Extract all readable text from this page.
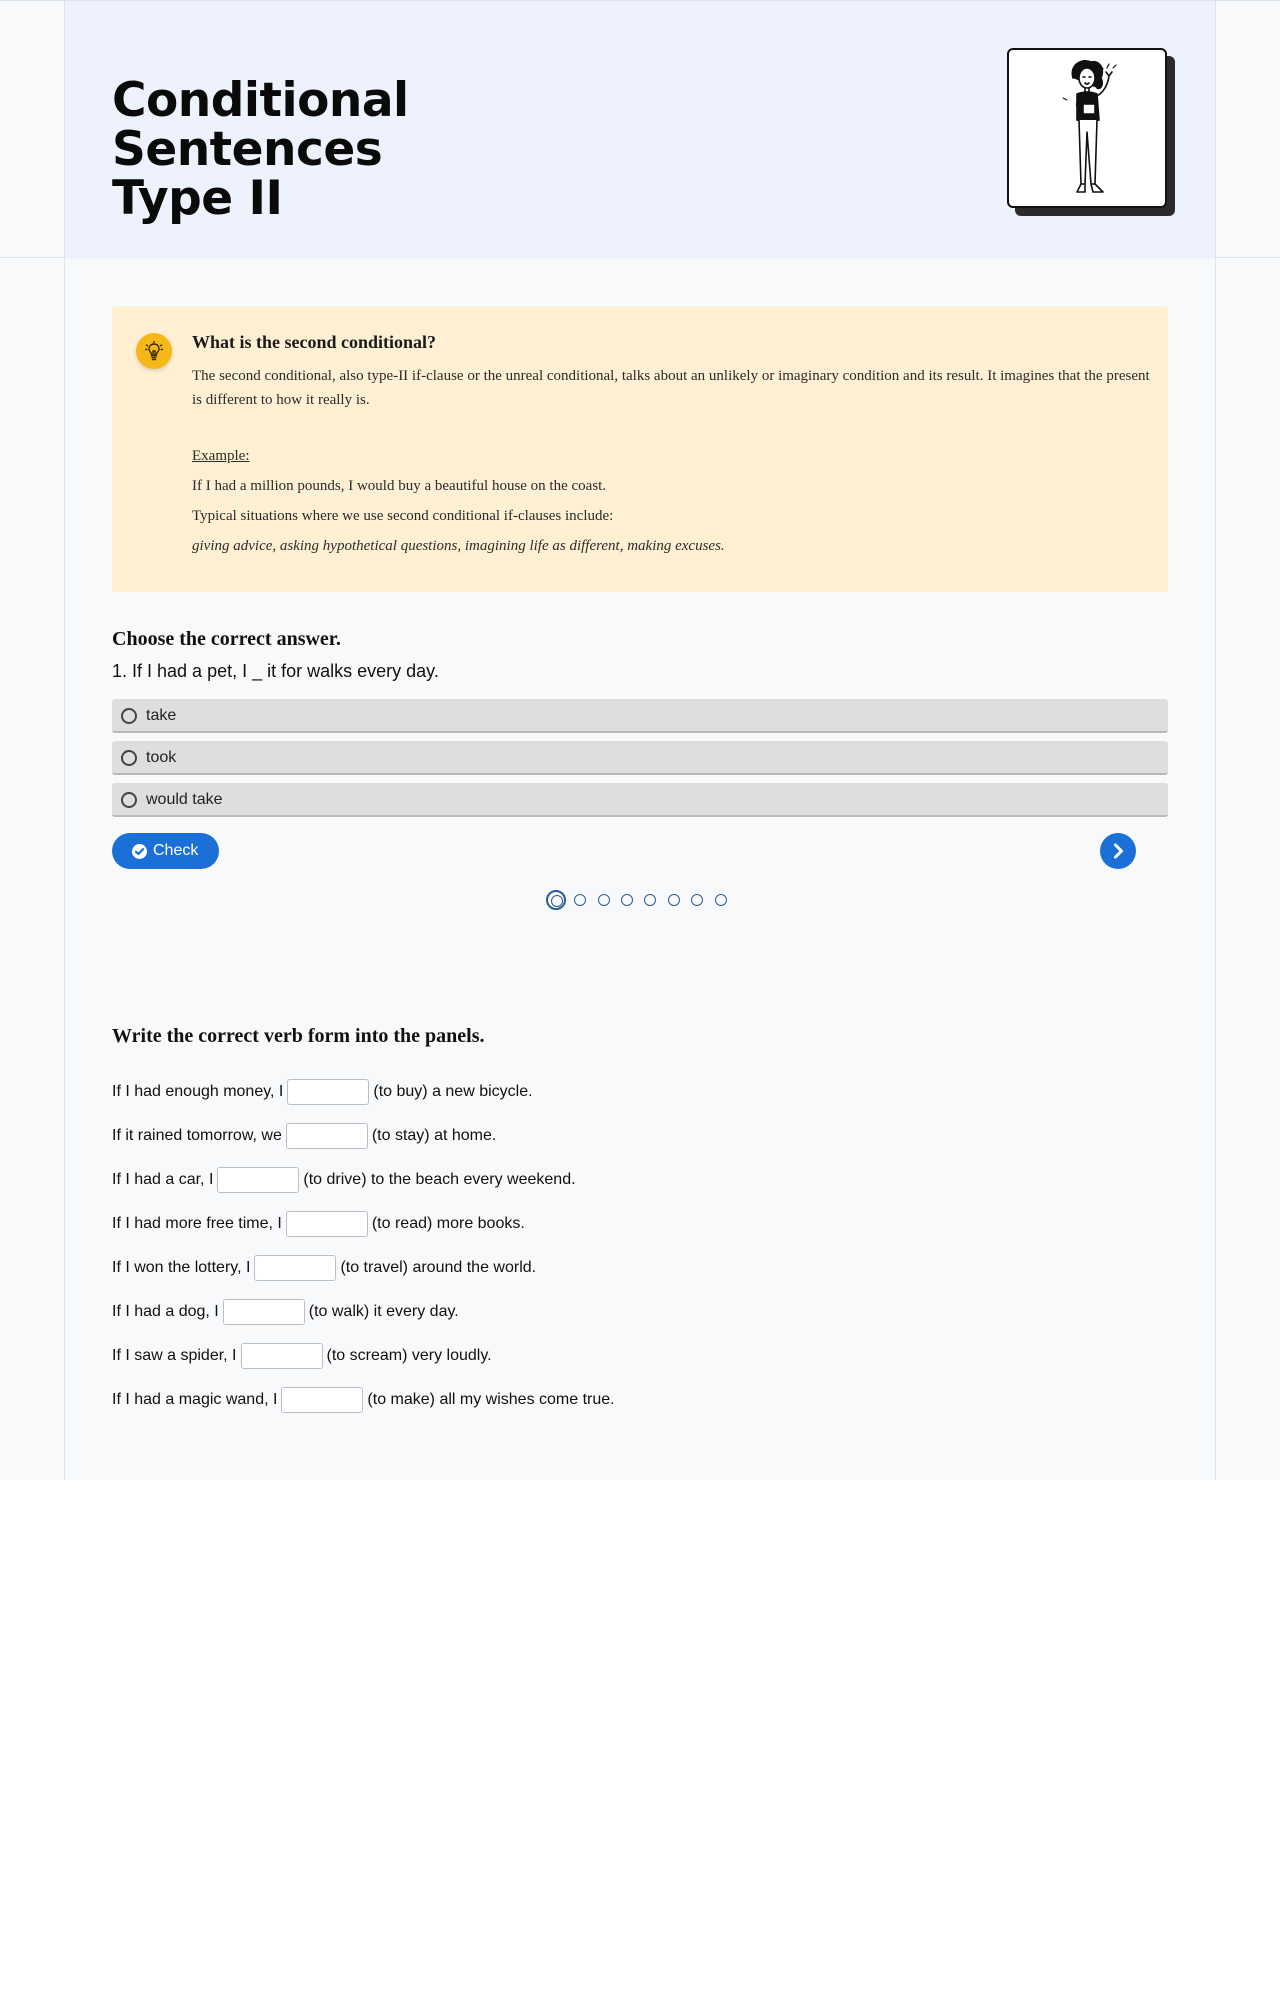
Conditional Sentences
Type II
What is the second conditional?
The second conditional, also type-II if-clause or the unreal conditional, talks about an unlikely or imaginary condition and its result. It imagines that the present is different to how it really is.
Example:
If I had a million pounds, I would buy a beautiful house on the coast.
Typical situations where we use second conditional if-clauses include:
giving advice, asking hypothetical questions, imagining life as different, making excuses.
Choose the correct answer.
1. If I had a pet, I _ it for walks every day.
take
took
would take
Check
Write the correct verb form into the panels.
If I had enough money, I	(to buy) a new bicycle.
If it rained tomorrow, we	(to stay) at home.
If I had a car, I	(to drive) to the beach every weekend.
If I had more free time, I	(to read) more books.
If I won the lottery, I	(to travel) around the world.
If I had a dog, I	(to walk) it every day.
If I saw a spider, I	(to scream) very loudly.
If I had a magic wand, I	(to make) all my wishes come true.
